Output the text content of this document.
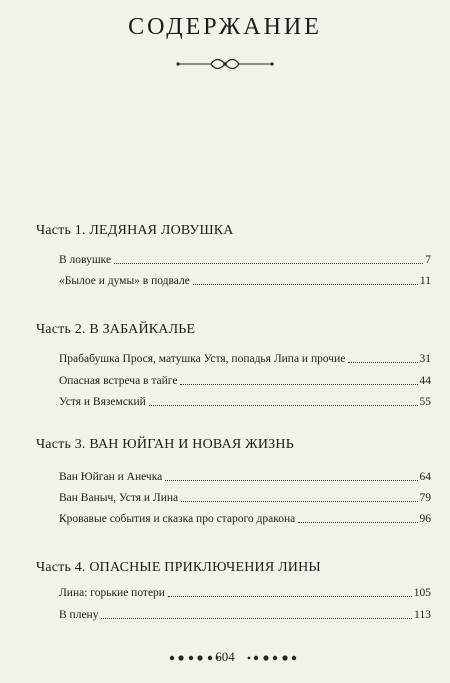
СОДЕРЖАНИЕ
Часть 1. ЛЕДЯНАЯ ЛОВУШКА
В ловушке	7
«Былое и думы» в подвале	11
Часть 2. В ЗАБАЙКАЛЬЕ
Прабабушка Прося, матушка Устя, попадья Липа и прочие	31
Опасная встреча в тайге	44
Устя и Вяземский	55
Часть 3. ВАН ЮЙГАН И НОВАЯ ЖИЗНЬ
Ван Юйган и Анечка	64
Ван Ваныч, Устя и Лина	79
Кровавые события и сказка про старого дракона	96
Часть 4. ОПАСНЫЕ ПРИКЛЮЧЕНИЯ ЛИНЫ
Лина: горькие потери	105
В плену	113
604
